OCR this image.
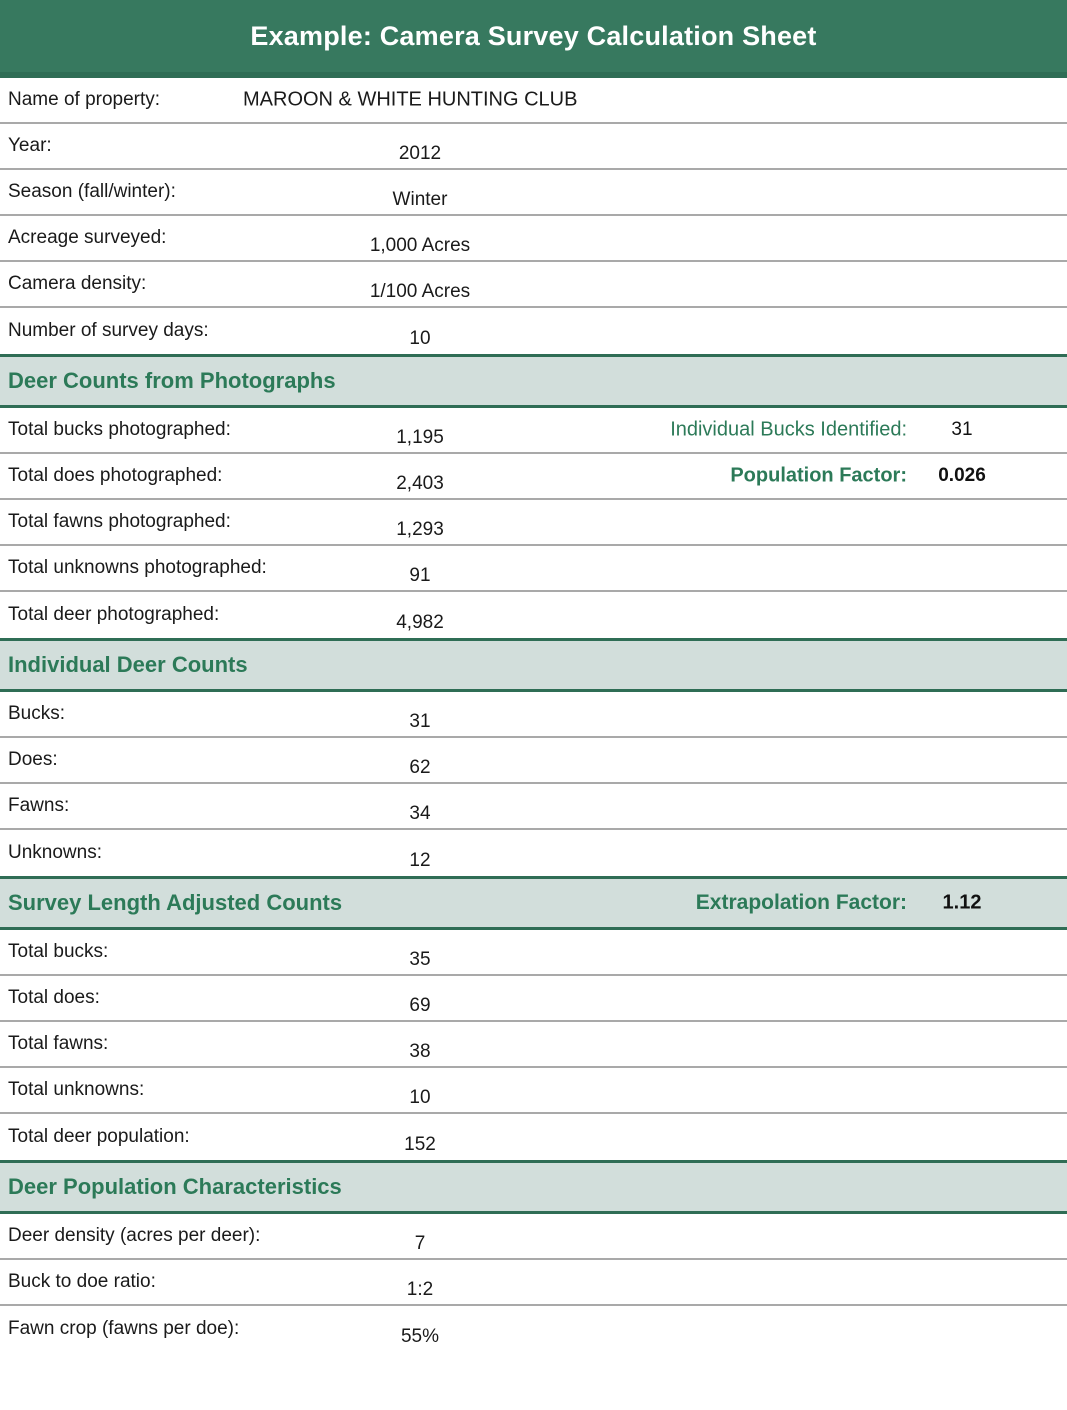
Example: Camera Survey Calculation Sheet
Name of property:	MAROON & WHITE HUNTING CLUB
Year:	2012
Season (fall/winter):	Winter
Acreage surveyed:	1,000 Acres
Camera density:	1/100 Acres
Number of survey days:	10
Deer Counts from Photographs
Total bucks photographed:	1,195	Individual Bucks Identified:	31
Total does photographed:	2,403	Population Factor:	0.026
Total fawns photographed:	1,293
Total unknowns photographed:	91
Total deer photographed:	4,982
Individual Deer Counts
Bucks:	31
Does:	62
Fawns:	34
Unknowns:	12
Survey Length Adjusted Counts	Extrapolation Factor:	1.12
Total bucks:	35
Total does:	69
Total fawns:	38
Total unknowns:	10
Total deer population:	152
Deer Population Characteristics
Deer density (acres per deer):	7
Buck to doe ratio:	1:2
Fawn crop (fawns per doe):	55%
